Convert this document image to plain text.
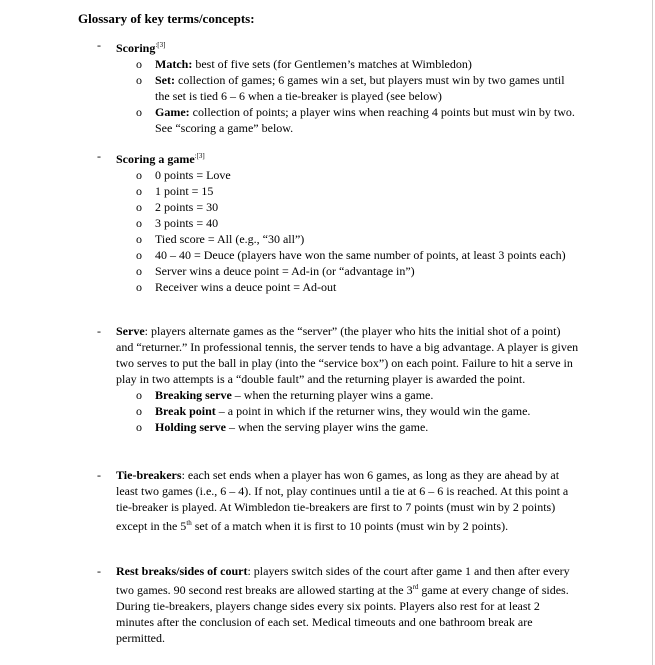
Glossary of key terms/concepts:
-	Scoring$^{:[3]}$
o Match: best of five sets (for Gentlemen’s matches at Wimbledon)
o Set: collection of games; 6 games win a set, but players must win by two games until the set is tied 6 – 6 when a tie-breaker is played (see below)
o Game: collection of points; a player wins when reaching 4 points but must win by two. See “scoring a game” below.
-	Scoring a game$^{:[3]}$
o 0 points = Love
o 1 point = 15
o 2 points = 30
o 3 points = 40
o Tied score = All (e.g., “30 all”)
o 40 – 40 = Deuce (players have won the same number of points, at least 3 points each)
o Server wins a deuce point = Ad-in (or “advantage in”)
o Receiver wins a deuce point = Ad-out
-	Serve: players alternate games as the “server” (the player who hits the initial shot of a point) and “returner.” In professional tennis, the server tends to have a big advantage. A player is given two serves to put the ball in play (into the “service box”) on each point. Failure to hit a serve in play in two attempts is a “double fault” and the returning player is awarded the point.
o Breaking serve – when the returning player wins a game.
o Break point – a point in which if the returner wins, they would win the game.
o Holding serve – when the serving player wins the game.
-	Tie-breakers: each set ends when a player has won 6 games, as long as they are ahead by at least two games (i.e., 6 – 4). If not, play continues until a tie at 6 – 6 is reached. At this point a tie-breaker is played. At Wimbledon tie-breakers are first to 7 points (must win by 2 points) except in the 5th set of a match when it is first to 10 points (must win by 2 points).
-	Rest breaks/sides of court: players switch sides of the court after game 1 and then after every two games. 90 second rest breaks are allowed starting at the 3rd game at every change of sides. During tie-breakers, players change sides every six points. Players also rest for at least 2 minutes after the conclusion of each set. Medical timeouts and one bathroom break are permitted.
